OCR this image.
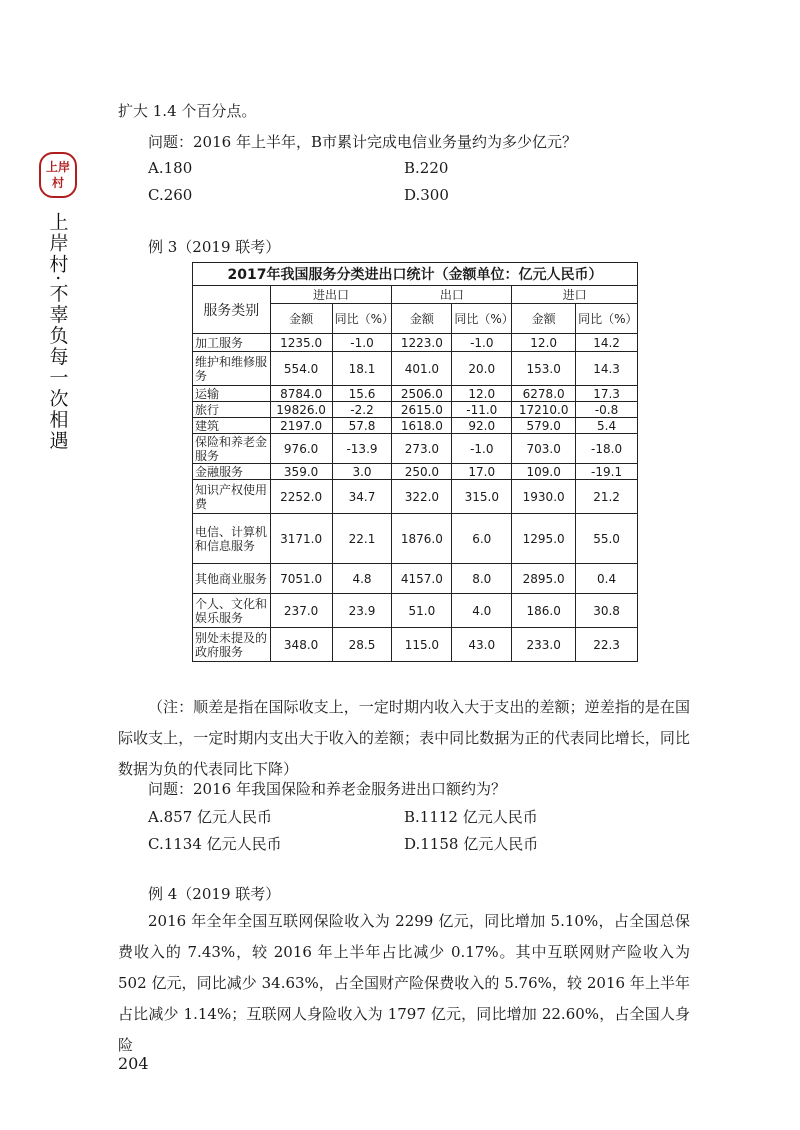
上岸
村
上岸村·不辜负每一次相遇
扩大 1.4 个百分点。
问题：2016 年上半年，B市累计完成电信业务量约为多少亿元？
A.180	B.220
C.260	D.300
例 3（2019 联考）
2017年我国服务分类进出口统计（金额单位：亿元人民币）						
服务类别	进出口		出口		进口	
	金额	同比（%）	金额	同比（%）	金额	同比（%）
加工服务	1235.0	-1.0	1223.0	-1.0	12.0	14.2
维护和维修服务	554.0	18.1	401.0	20.0	153.0	14.3
运输	8784.0	15.6	2506.0	12.0	6278.0	17.3
旅行	19826.0	-2.2	2615.0	-11.0	17210.0	-0.8
建筑	2197.0	57.8	1618.0	92.0	579.0	5.4
保险和养老金服务	976.0	-13.9	273.0	-1.0	703.0	-18.0
金融服务	359.0	3.0	250.0	17.0	109.0	-19.1
知识产权使用费	2252.0	34.7	322.0	315.0	1930.0	21.2
电信、计算机和信息服务	3171.0	22.1	1876.0	6.0	1295.0	55.0
其他商业服务	7051.0	4.8	4157.0	8.0	2895.0	0.4
个人、文化和娱乐服务	237.0	23.9	51.0	4.0	186.0	30.8
别处未提及的政府服务	348.0	28.5	115.0	43.0	233.0	22.3
（注：顺差是指在国际收支上，一定时期内收入大于支出的差额；逆差指的是在国际收支上，一定时期内支出大于收入的差额；表中同比数据为正的代表同比增长，同比数据为负的代表同比下降）
问题：2016 年我国保险和养老金服务进出口额约为？
A.857 亿元人民币	B.1112 亿元人民币
C.1134 亿元人民币	D.1158 亿元人民币
例 4（2019 联考）
2016 年全年全国互联网保险收入为 2299 亿元，同比增加 5.10%，占全国总保费收入的 7.43%，较 2016 年上半年占比减少 0.17%。其中互联网财产险收入为 502 亿元，同比减少 34.63%，占全国财产险保费收入的 5.76%，较 2016 年上半年占比减少 1.14%；互联网人身险收入为 1797 亿元，同比增加 22.60%，占全国人身险
204
